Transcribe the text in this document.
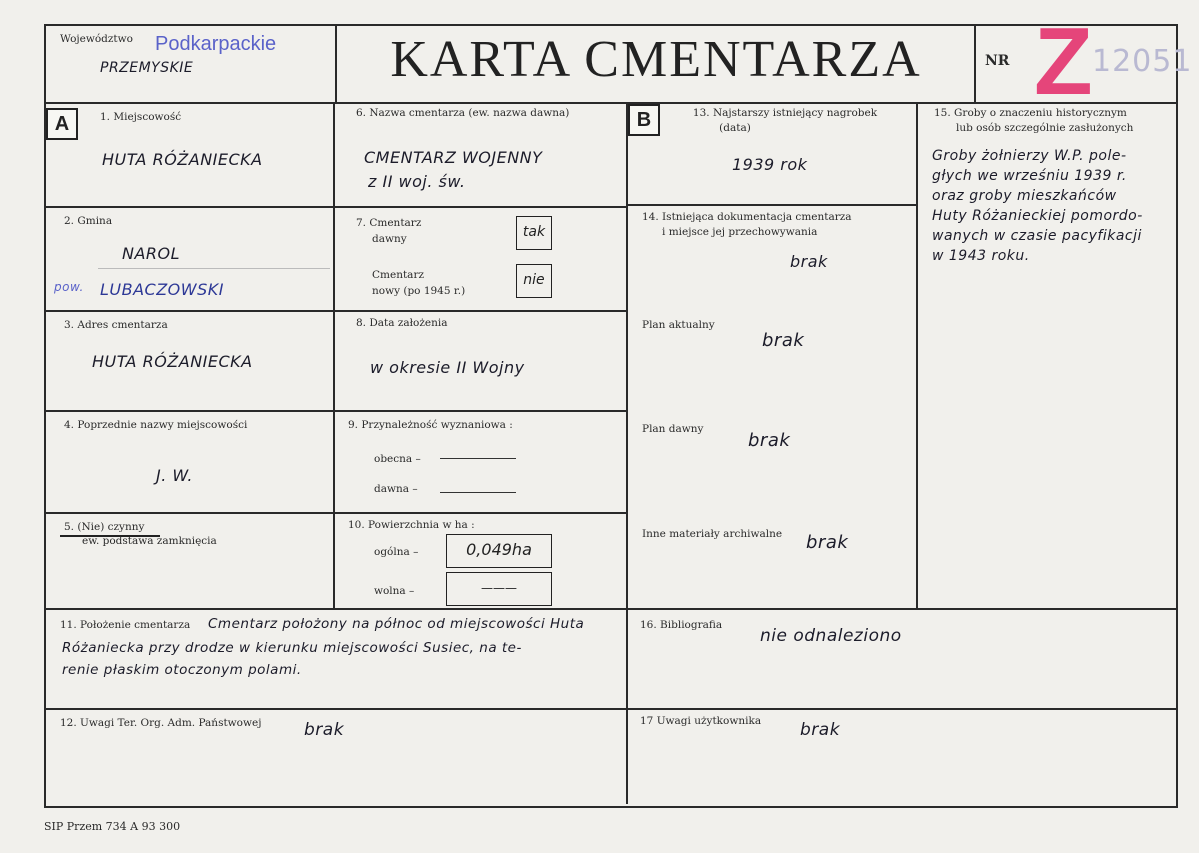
Województwo Podkarpackie
PRZEMYSKIE	KARTA CMENTARZA	NR Z 12051
A	B
1. Miejscowość
HUTA RÓŻANIECKA
2. Gmina
NAROL
pow. LUBACZOWSKI
3. Adres cmentarza
HUTA RÓŻANIECKA
4. Poprzednie nazwy miejscowości
J. W.
5. (Nie) czynny
ew. podstawa zamknięcia
6. Nazwa cmentarza (ew. nazwa dawna)
CMENTARZ WOJENNY
z II woj. św.
7. Cmentarz
dawny	tak
Cmentarz
nowy (po 1945 r.)
nie
8. Data założenia
w okresie II Wojny
9. Przynależność wyznaniowa :
obecna –
dawna –
10. Powierzchnia w ha :
ogólna –	0,049ha
wolna –	———
13. Najstarszy istniejący nagrobek
(data)
1939 rok
14. Istniejąca dokumentacja cmentarza
i miejsce jej przechowywania
brak
Plan aktualny
brak
Plan dawny
brak
Inne materiały archiwalne brak
15. Groby o znaczeniu historycznym
lub osób szczególnie zasłużonych
Groby żołnierzy W.P. pole-
głych we wrześniu 1939 r.
oraz groby mieszkańców
Huty Różanieckiej pomordo-
wanych w czasie pacyfikacji
w 1943 roku.
11. Położenie cmentarza Cmentarz położony na północ od miejscowości Huta
Różaniecka przy drodze w kierunku miejscowości Susiec, na te-
renie płaskim otoczonym polami.
16. Bibliografia
nie odnaleziono
12. Uwagi Ter. Org. Adm. Państwowej	brak	17 Uwagi użytkownika brak
SIP Przem 734 A 93 300
